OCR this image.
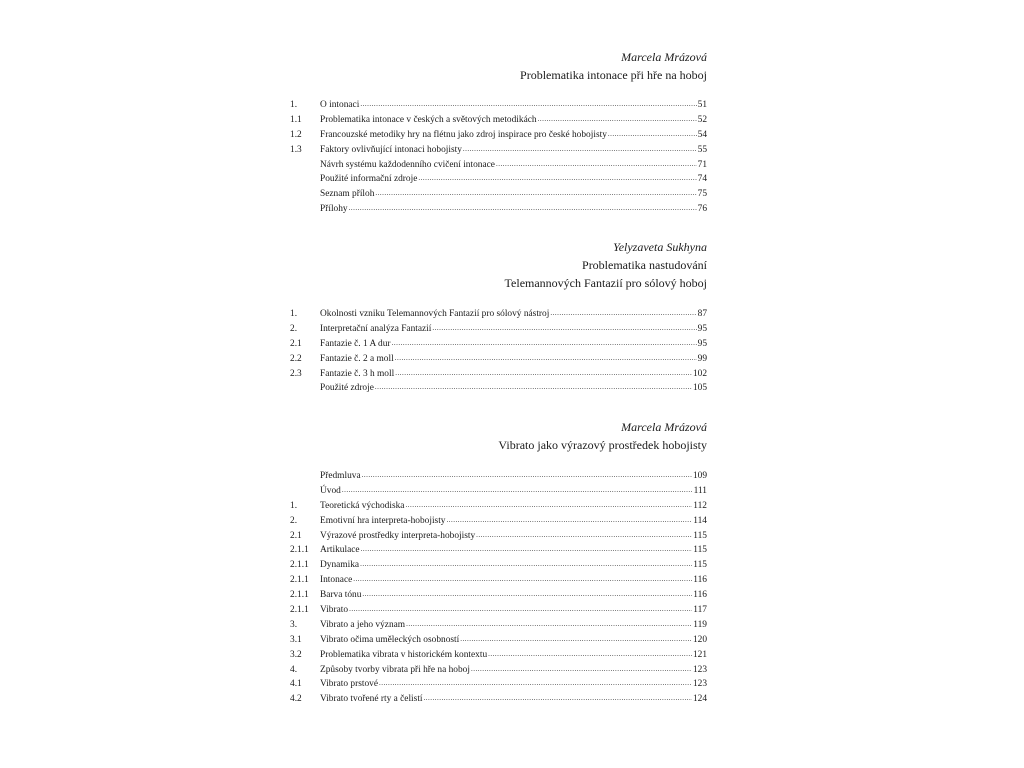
Marcela Mrázová
Problematika intonace při hře na hoboj
1.	O intonaci .....	51
1.1	Problematika intonace v českých a světových metodikách .....	52
1.2	Francouzské metodiky hry na flétnu jako zdroj inspirace pro české hobojisty .....	54
1.3	Faktory ovlivňující intonaci hobojisty .....	55
Návrh systému každodenního cvičení intonace .....	71
Použité informační zdroje .....	74
Seznam příloh .....	75
Přílohy .....	76
Yelyzaveta Sukhyna
Problematika nastudování
Telemannových Fantazií pro sólový hoboj
1.	Okolnosti vzniku Telemannových Fantazií pro sólový nástroj .....	87
2.	Interpretační analýza Fantazií .....	95
2.1	Fantazie č. 1 A dur .....	95
2.2	Fantazie č. 2 a moll .....	99
2.3	Fantazie č. 3 h moll .....	102
Použité zdroje .....	105
Marcela Mrázová
Vibrato jako výrazový prostředek hobojisty
Předmluva .....	109
Úvod .....	111
1.	Teoretická východiska .....	112
2.	Emotivní hra interpreta-hobojisty .....	114
2.1	Výrazové prostředky interpreta-hobojisty .....	115
2.1.1	Artikulace .....	115
2.1.1	Dynamika .....	115
2.1.1	Intonace .....	116
2.1.1	Barva tónu .....	116
2.1.1	Vibrato .....	117
3.	Vibrato a jeho význam .....	119
3.1	Vibrato očima uměleckých osobností .....	120
3.2	Problematika vibrata v historickém kontextu .....	121
4.	Způsoby tvorby vibrata při hře na hoboj .....	123
4.1	Vibrato prstové .....	123
4.2	Vibrato tvořené rty a čelistí .....	124
